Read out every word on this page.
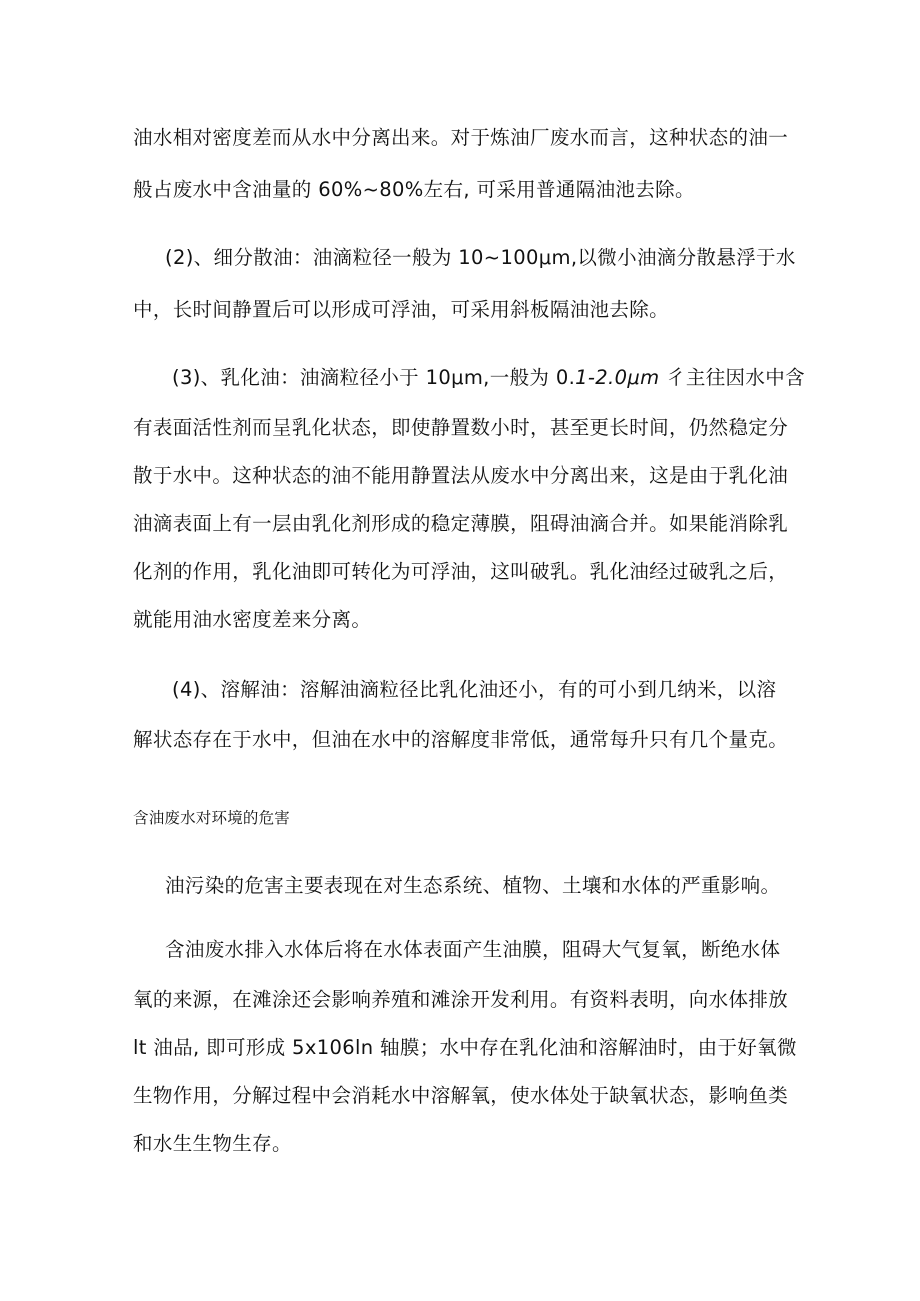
油水相对密度差而从水中分离出来。对于炼油厂废水而言，这种状态的油一

般占废水中含油量的 60%~80%左右, 可采用普通隔油池去除。

(2)、细分散油：油滴粒径一般为 10~100μm,以微小油滴分散悬浮于水

中，长时间静置后可以形成可浮油，可采用斜板隔油池去除。

(3)、乳化油：油滴粒径小于 10μm,一般为 0.1-2.0μm 彳主往因水中含

有表面活性剂而呈乳化状态，即使静置数小时，甚至更长时间，仍然稳定分

散于水中。这种状态的油不能用静置法从废水中分离出来，这是由于乳化油

油滴表面上有一层由乳化剂形成的稳定薄膜，阻碍油滴合并。如果能消除乳

化剂的作用，乳化油即可转化为可浮油，这叫破乳。乳化油经过破乳之后，

就能用油水密度差来分离。

(4)、溶解油：溶解油滴粒径比乳化油还小，有的可小到几纳米，以溶

解状态存在于水中，但油在水中的溶解度非常低，通常每升只有几个量克。

含油废水对环境的危害

油污染的危害主要表现在对生态系统、植物、土壤和水体的严重影响。

含油废水排入水体后将在水体表面产生油膜，阻碍大气复氧，断绝水体

氧的来源，在滩涂还会影响养殖和滩涂开发利用。有资料表明，向水体排放

lt 油品, 即可形成 5x106ln 轴膜；水中存在乳化油和溶解油时，由于好氧微

生物作用，分解过程中会消耗水中溶解氧，使水体处于缺氧状态，影响鱼类

和水生生物生存。
